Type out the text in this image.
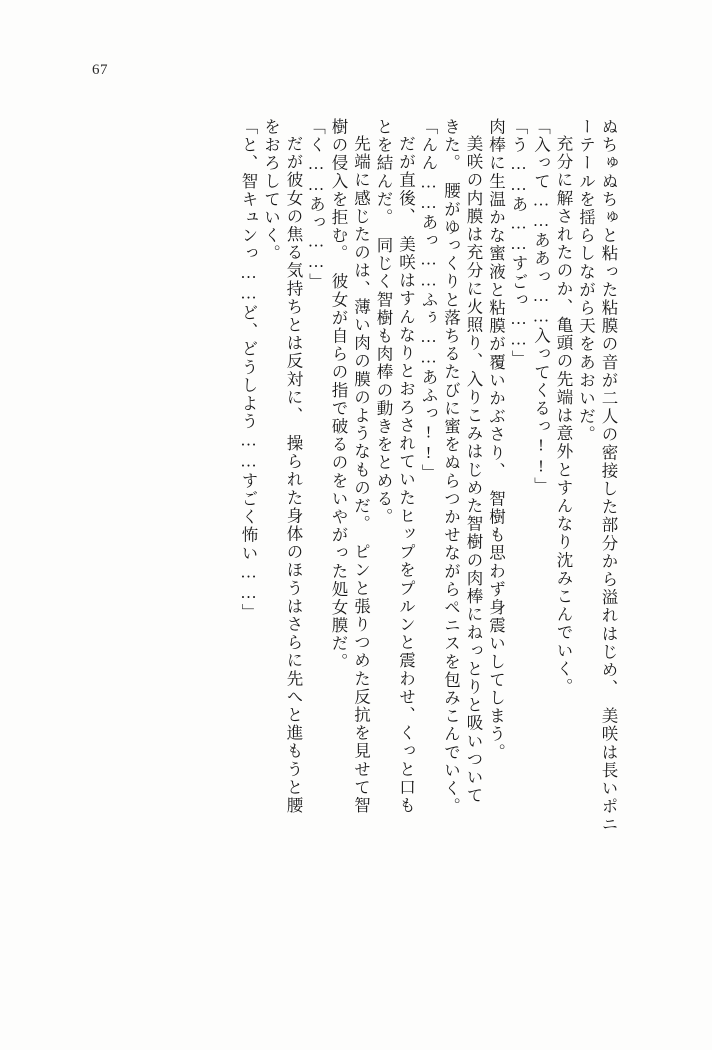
67
ぬちゅぬちゅと粘った粘膜の音が二人の密接した部分から溢れはじめ、　美咲は長いポニ
ーテールを揺らしながら天をあおいだ。
充分に解されたのか、亀頭の先端は意外とすんなり沈みこんでいく。
「入って……ああっ……入ってくるっ!!」
「う……あ……すごっ……」
肉棒に生温かな蜜液と粘膜が覆いかぶさり、　智樹も思わず身震いしてしまう。
美咲の内膜は充分に火照り、入りこみはじめた智樹の肉棒にねっとりと吸いついて
きた。　腰がゆっくりと落ちるたびに蜜をぬらつかせながらペニスを包みこんでいく。
「んん……あっ……ふぅ……あふっ!!」
だが直後、　美咲はすんなりとおろされていたヒップをプルンと震わせ、くっと口も
とを結んだ。　同じく智樹も肉棒の動きをとめる。
先端に感じたのは、薄い肉の膜のようなものだ。　ピンと張りつめた反抗を見せて智
樹の侵入を拒む。　彼女が自らの指で破るのをいやがった処女膜だ。
「く……あっ……」
だが彼女の焦る気持ちとは反対に、　操られた身体のほうはさらに先へと進もうと腰
をおろしていく。
「と、智キュンっ……ど、どうしよう……すごく怖い……」
